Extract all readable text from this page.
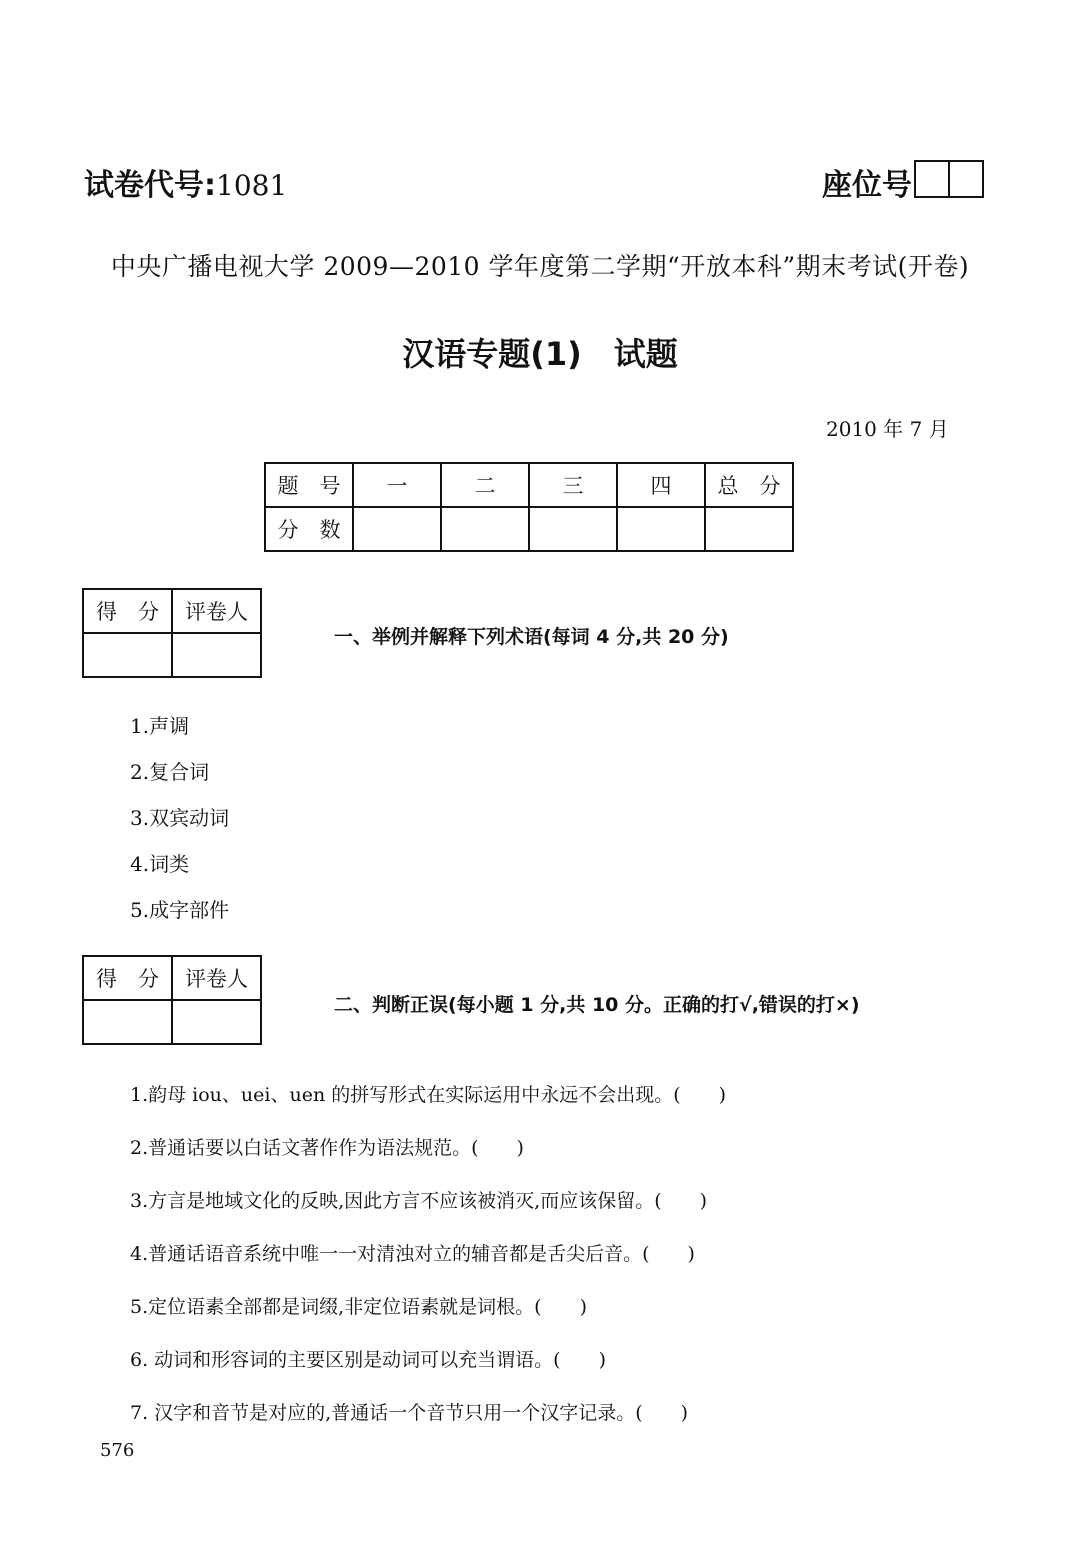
试卷代号:1081	座位号
中央广播电视大学 2009—2010 学年度第二学期“开放本科”期末考试(开卷)
汉语专题(1)　试题
2010 年 7 月
题　号	一	二	三	四	总　分
分　数					
得　分	评卷人

一、举例并解释下列术语(每词 4 分,共 20 分)
1.声调
2.复合词
3.双宾动词
4.词类
5.成字部件
得　分	评卷人

二、判断正误(每小题 1 分,共 10 分。正确的打√,错误的打×)
1.韵母 iou、uei、uen 的拼写形式在实际运用中永远不会出现。(　　)
2.普通话要以白话文著作作为语法规范。(　　)
3.方言是地域文化的反映,因此方言不应该被消灭,而应该保留。(　　)
4.普通话语音系统中唯一一对清浊对立的辅音都是舌尖后音。(　　)
5.定位语素全部都是词缀,非定位语素就是词根。(　　)
6. 动词和形容词的主要区别是动词可以充当谓语。(　　)
7. 汉字和音节是对应的,普通话一个音节只用一个汉字记录。(　　)
576
